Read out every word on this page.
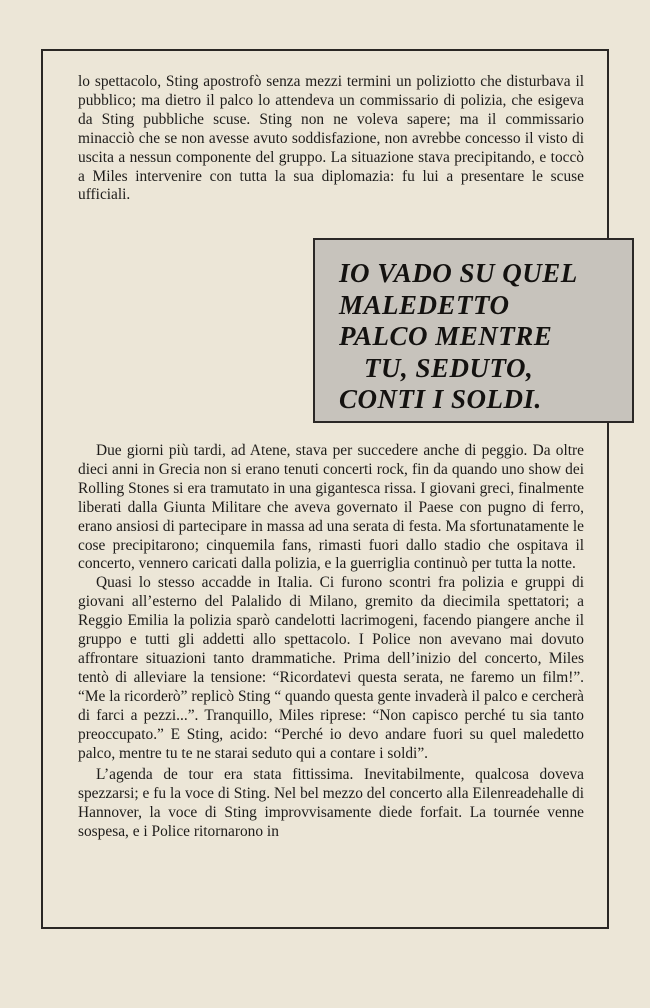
lo spettacolo, Sting apostrofò senza mezzi termini un poliziotto che disturbava il pubblico; ma dietro il palco lo attendeva un commissario di polizia, che esigeva da Sting pubbliche scuse. Sting non ne voleva sapere; ma il commissario minacciò che se non avesse avuto soddisfazione, non avrebbe concesso il visto di uscita a nessun componente del gruppo. La situazione stava precipitando, e toccò a Miles intervenire con tutta la sua diplomazia: fu lui a presentare le scuse ufficiali.

IO VADO SU QUEL
MALEDETTO
PALCO MENTRE
TU, SEDUTO,
CONTI I SOLDI.

Due giorni più tardi, ad Atene, stava per succedere anche di peggio. Da oltre dieci anni in Grecia non si erano tenuti concerti rock, fin da quando uno show dei Rolling Stones si era tramutato in una gigantesca rissa. I giovani greci, finalmente liberati dalla Giunta Militare che aveva governato il Paese con pugno di ferro, erano ansiosi di partecipare in massa ad una serata di festa. Ma sfortunatamente le cose precipitarono; cinquemila fans, rimasti fuori dallo stadio che ospitava il concerto, vennero caricati dalla polizia, e la guerriglia continuò per tutta la notte.

Quasi lo stesso accadde in Italia. Ci furono scontri fra polizia e gruppi di giovani all’esterno del Palalido di Milano, gremito da diecimila spettatori; a Reggio Emilia la polizia sparò candelotti lacrimogeni, facendo piangere anche il gruppo e tutti gli addetti allo spettacolo. I Police non avevano mai dovuto affrontare situazioni tanto drammatiche. Prima dell’inizio del concerto, Miles tentò di alleviare la tensione: “Ricordatevi questa serata, ne faremo un film!”. “Me la ricorderò” replicò Sting “ quando questa gente invaderà il palco e cercherà di farci a pezzi...”. Tranquillo, Miles riprese: “Non capisco perché tu sia tanto preoccupato.” E Sting, acido: “Perché io devo andare fuori su quel maledetto palco, mentre tu te ne starai seduto qui a contare i soldi”.

L’agenda de tour era stata fittissima. Inevitabilmente, qualcosa doveva spezzarsi; e fu la voce di Sting. Nel bel mezzo del concerto alla Eilenreadehalle di Hannover, la voce di Sting improvvisamente diede forfait. La tournée venne sospesa, e i Police ritornarono in
